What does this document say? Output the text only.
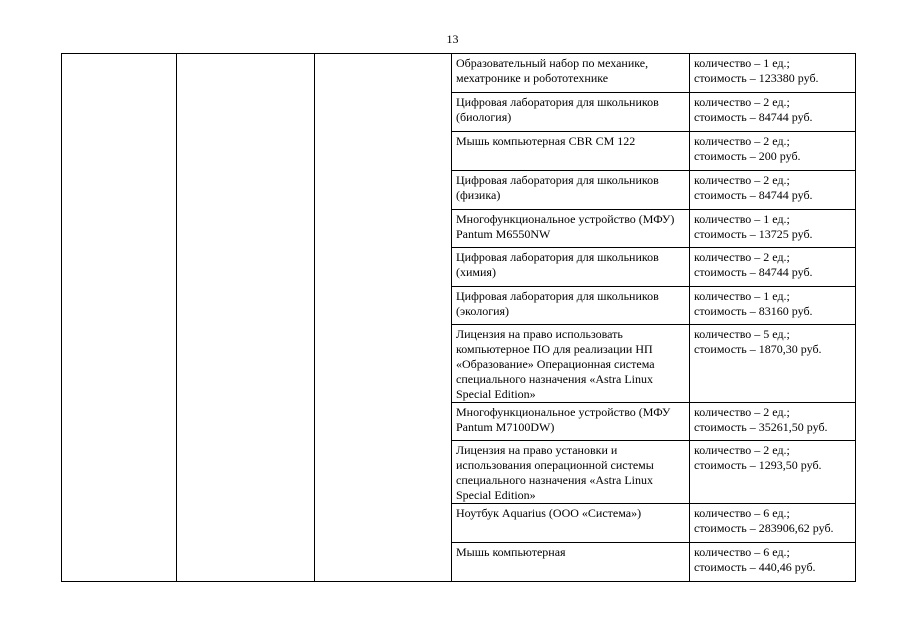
13
			Образовательный набор по механике, мехатронике и робототехнике	количество – 1 ед.;
стоимость – 123380 руб.

			Цифровая лаборатория для школьников (биология)	количество – 2 ед.;
стоимость – 84744 руб.

			Мышь компьютерная CBR CM 122	количество – 2 ед.;
стоимость – 200 руб.

			Цифровая лаборатория для школьников (физика)	количество – 2 ед.;
стоимость – 84744 руб.

			Многофункциональное устройство (МФУ) Pantum M6550NW	количество – 1 ед.;
стоимость – 13725 руб.

			Цифровая лаборатория для школьников (химия)	количество – 2 ед.;
стоимость – 84744 руб.

			Цифровая лаборатория для школьников (экология)	количество – 1 ед.;
стоимость – 83160 руб.

			Лицензия на право использовать компьютерное ПО для реализации НП «Образование» Операционная система специального назначения «Astra Linux Special Edition»	количество – 5 ед.;
стоимость – 1870,30 руб.

			Многофункциональное устройство (МФУ Pantum M7100DW)	количество – 2 ед.;
стоимость – 35261,50 руб.

			Лицензия на право установки и использования операционной системы специального назначения «Astra Linux Special Edition»	количество – 2 ед.;
стоимость – 1293,50 руб.

			Ноутбук Aquarius (ООО «Система»)	количество – 6 ед.;
стоимость – 283906,62 руб.

			Мышь компьютерная	количество – 6 ед.;
стоимость – 440,46 руб.
